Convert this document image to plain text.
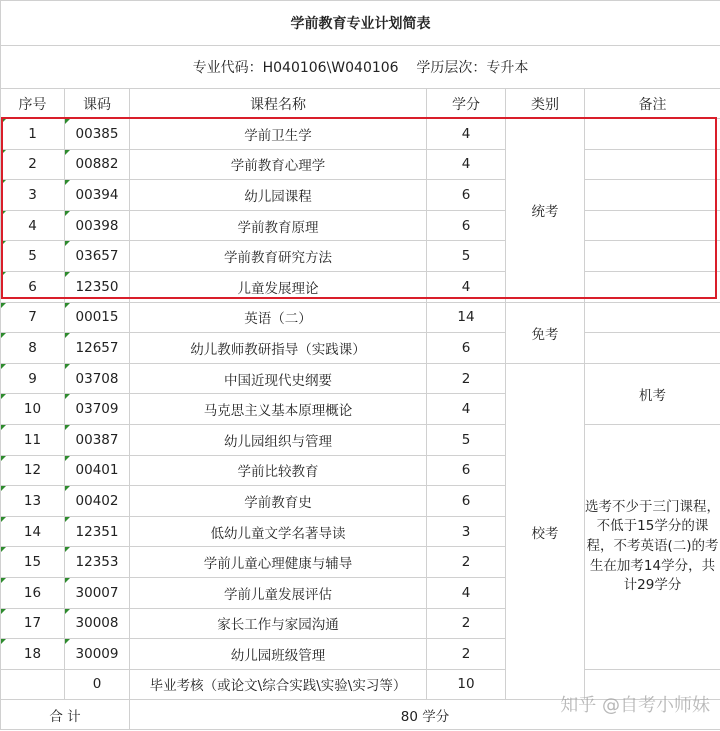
学前教育专业计划简表					
专业代码：H040106\W040106    学历层次：专升本					
序号	课码	课程名称	学分	类别	备注
1	00385	学前卫生学	4	统考	
2	00882	学前教育心理学	4		
3	00394	幼儿园课程	6		
4	00398	学前教育原理	6		
5	03657	学前教育研究方法	5		
6	12350	儿童发展理论	4		
7	00015	英语（二）	14	免考	
8	12657	幼儿教师教研指导（实践课）	6		
9	03708	中国近现代史纲要	2	校考	机考
10	03709	马克思主义基本原理概论	4		
11	00387	幼儿园组织与管理	5		选考不少于三门课程，不低于15学分的课程，不考英语(二)的考生在加考14学分，共计29学分
12	00401	学前比较教育	6		
13	00402	学前教育史	6		
14	12351	低幼儿童文学名著导读	3		
15	12353	学前儿童心理健康与辅导	2		
16	30007	学前儿童发展评估	4		
17	30008	家长工作与家园沟通	2		
18	30009	幼儿园班级管理	2		
	0	毕业考核（或论文\综合实践\实验\实习等）	10		
合 计		80 学分			
知乎 @自考小师妹
